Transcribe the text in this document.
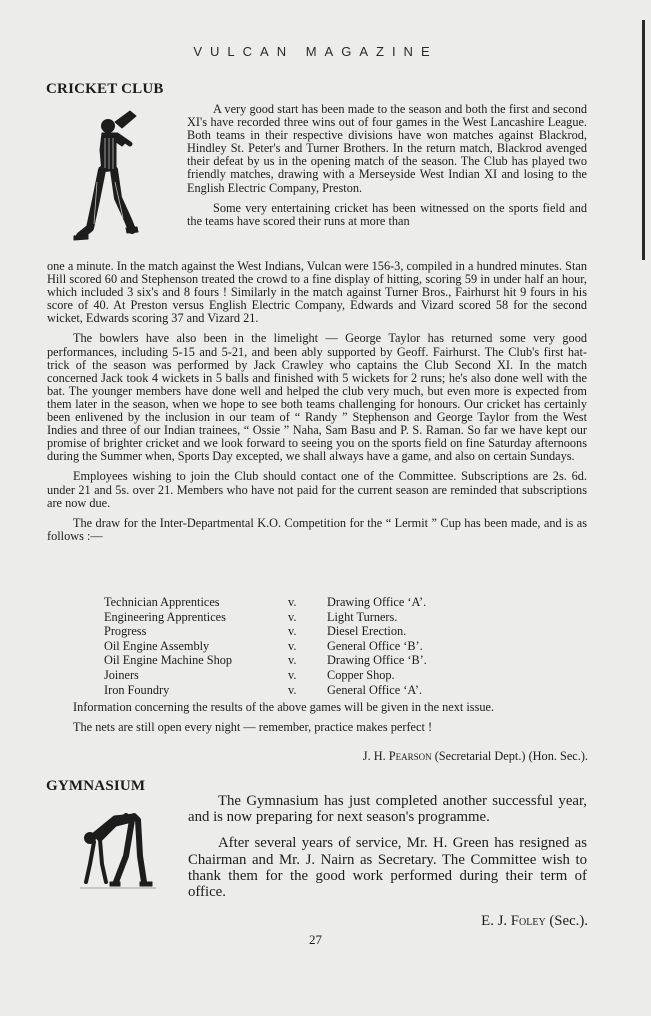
VULCAN MAGAZINE
CRICKET CLUB

A very good start has been made to the season and both the first and second XI's have recorded three wins out of four games in the West Lancashire League. Both teams in their respective divisions have won matches against Blackrod, Hindley St. Peter's and Turner Brothers. In the return match, Blackrod avenged their defeat by us in the opening match of the season. The Club has played two friendly matches, drawing with a Merseyside West Indian XI and losing to the English Electric Company, Preston.

Some very entertaining cricket has been witnessed on the sports field and the teams have scored their runs at more than

one a minute. In the match against the West Indians, Vulcan were 156-3, compiled in a hundred minutes. Stan Hill scored 60 and Stephenson treated the crowd to a fine display of hitting, scoring 59 in under half an hour, which included 3 six's and 8 fours ! Similarly in the match against Turner Bros., Fairhurst hit 9 fours in his score of 40. At Preston versus English Electric Company, Edwards and Vizard scored 58 for the second wicket, Edwards scoring 37 and Vizard 21.

The bowlers have also been in the limelight — George Taylor has returned some very good performances, including 5-15 and 5-21, and been ably supported by Geoff. Fairhurst. The Club's first hat-trick of the season was performed by Jack Crawley who captains the Club Second XI. In the match concerned Jack took 4 wickets in 5 balls and finished with 5 wickets for 2 runs; he's also done well with the bat. The younger members have done well and helped the club very much, but even more is expected from them later in the season, when we hope to see both teams challenging for honours. Our cricket has certainly been enlivened by the inclusion in our team of “ Randy ” Stephenson and George Taylor from the West Indies and three of our Indian trainees, “ Ossie ” Naha, Sam Basu and P. S. Raman. So far we have kept our promise of brighter cricket and we look forward to seeing you on the sports field on fine Saturday afternoons during the Summer when, Sports Day excepted, we shall always have a game, and also on certain Sundays.

Employees wishing to join the Club should contact one of the Committee. Subscriptions are 2s. 6d. under 21 and 5s. over 21. Members who have not paid for the current season are reminded that subscriptions are now due.

The draw for the Inter-Departmental K.O. Competition for the “ Lermit ” Cup has been made, and is as follows :—

Technician Apprentices	v. Drawing Office ‘A’.
Engineering Apprentices	v. Light Turners.
Progress	v. Diesel Erection.
Oil Engine Assembly	v. General Office ‘B’.
Oil Engine Machine Shop	v. Drawing Office ‘B’.
Joiners	v. Copper Shop.
Iron Foundry	v. General Office ‘A’.

Information concerning the results of the above games will be given in the next issue.

The nets are still open every night — remember, practice makes perfect !

J. H. Pearson (Secretarial Dept.) (Hon. Sec.).
GYMNASIUM

The Gymnasium has just completed another successful year, and is now preparing for next season's programme.

After several years of service, Mr. H. Green has resigned as Chairman and Mr. J. Nairn as Secretary. The Committee wish to thank them for the good work performed during their term of office.

E. J. Foley (Sec.).
27
